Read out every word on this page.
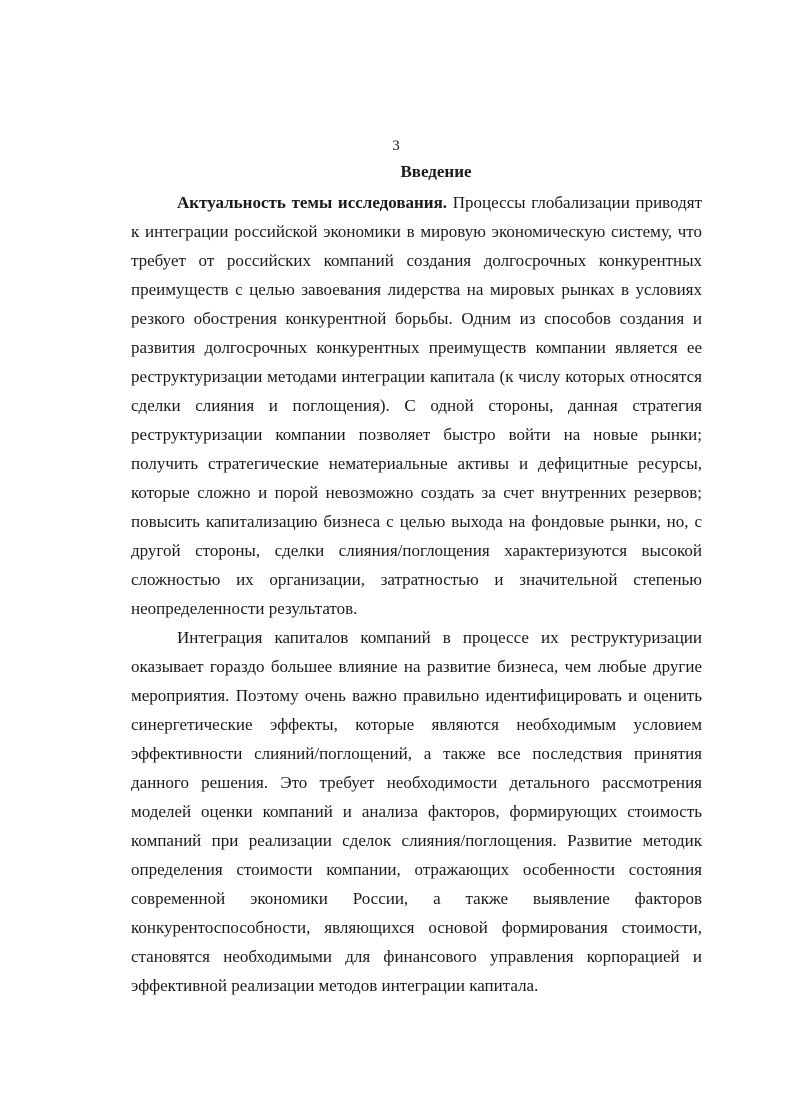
3
Введение

Актуальность темы исследования. Процессы глобализации приводят к интеграции российской экономики в мировую экономическую систему, что требует от российских компаний создания долгосрочных конкурентных преимуществ с целью завоевания лидерства на мировых рынках в условиях резкого обострения конкурентной борьбы. Одним из способов создания и развития долгосрочных конкурентных преимуществ компании является ее реструктуризации методами интеграции капитала (к числу которых относятся сделки слияния и поглощения). С одной стороны, данная стратегия реструктуризации компании позволяет быстро войти на новые рынки; получить стратегические нематериальные активы и дефицитные ресурсы, которые сложно и порой невозможно создать за счет внутренних резервов; повысить капитализацию бизнеса с целью выхода на фондовые рынки, но, с другой стороны, сделки слияния/поглощения характеризуются высокой сложностью их организации, затратностью и значительной степенью неопределенности результатов.

Интеграция капиталов компаний в процессе их реструктуризации оказывает гораздо большее влияние на развитие бизнеса, чем любые другие мероприятия. Поэтому очень важно правильно идентифицировать и оценить синергетические эффекты, которые являются необходимым условием эффективности слияний/поглощений, а также все последствия принятия данного решения. Это требует необходимости детального рассмотрения моделей оценки компаний и анализа факторов, формирующих стоимость компаний при реализации сделок слияния/поглощения. Развитие методик определения стоимости компании, отражающих особенности состояния современной экономики России, а также выявление факторов конкурентоспособности, являющихся основой формирования стоимости, становятся необходимыми для финансового управления корпорацией и эффективной реализации методов интеграции капитала.
